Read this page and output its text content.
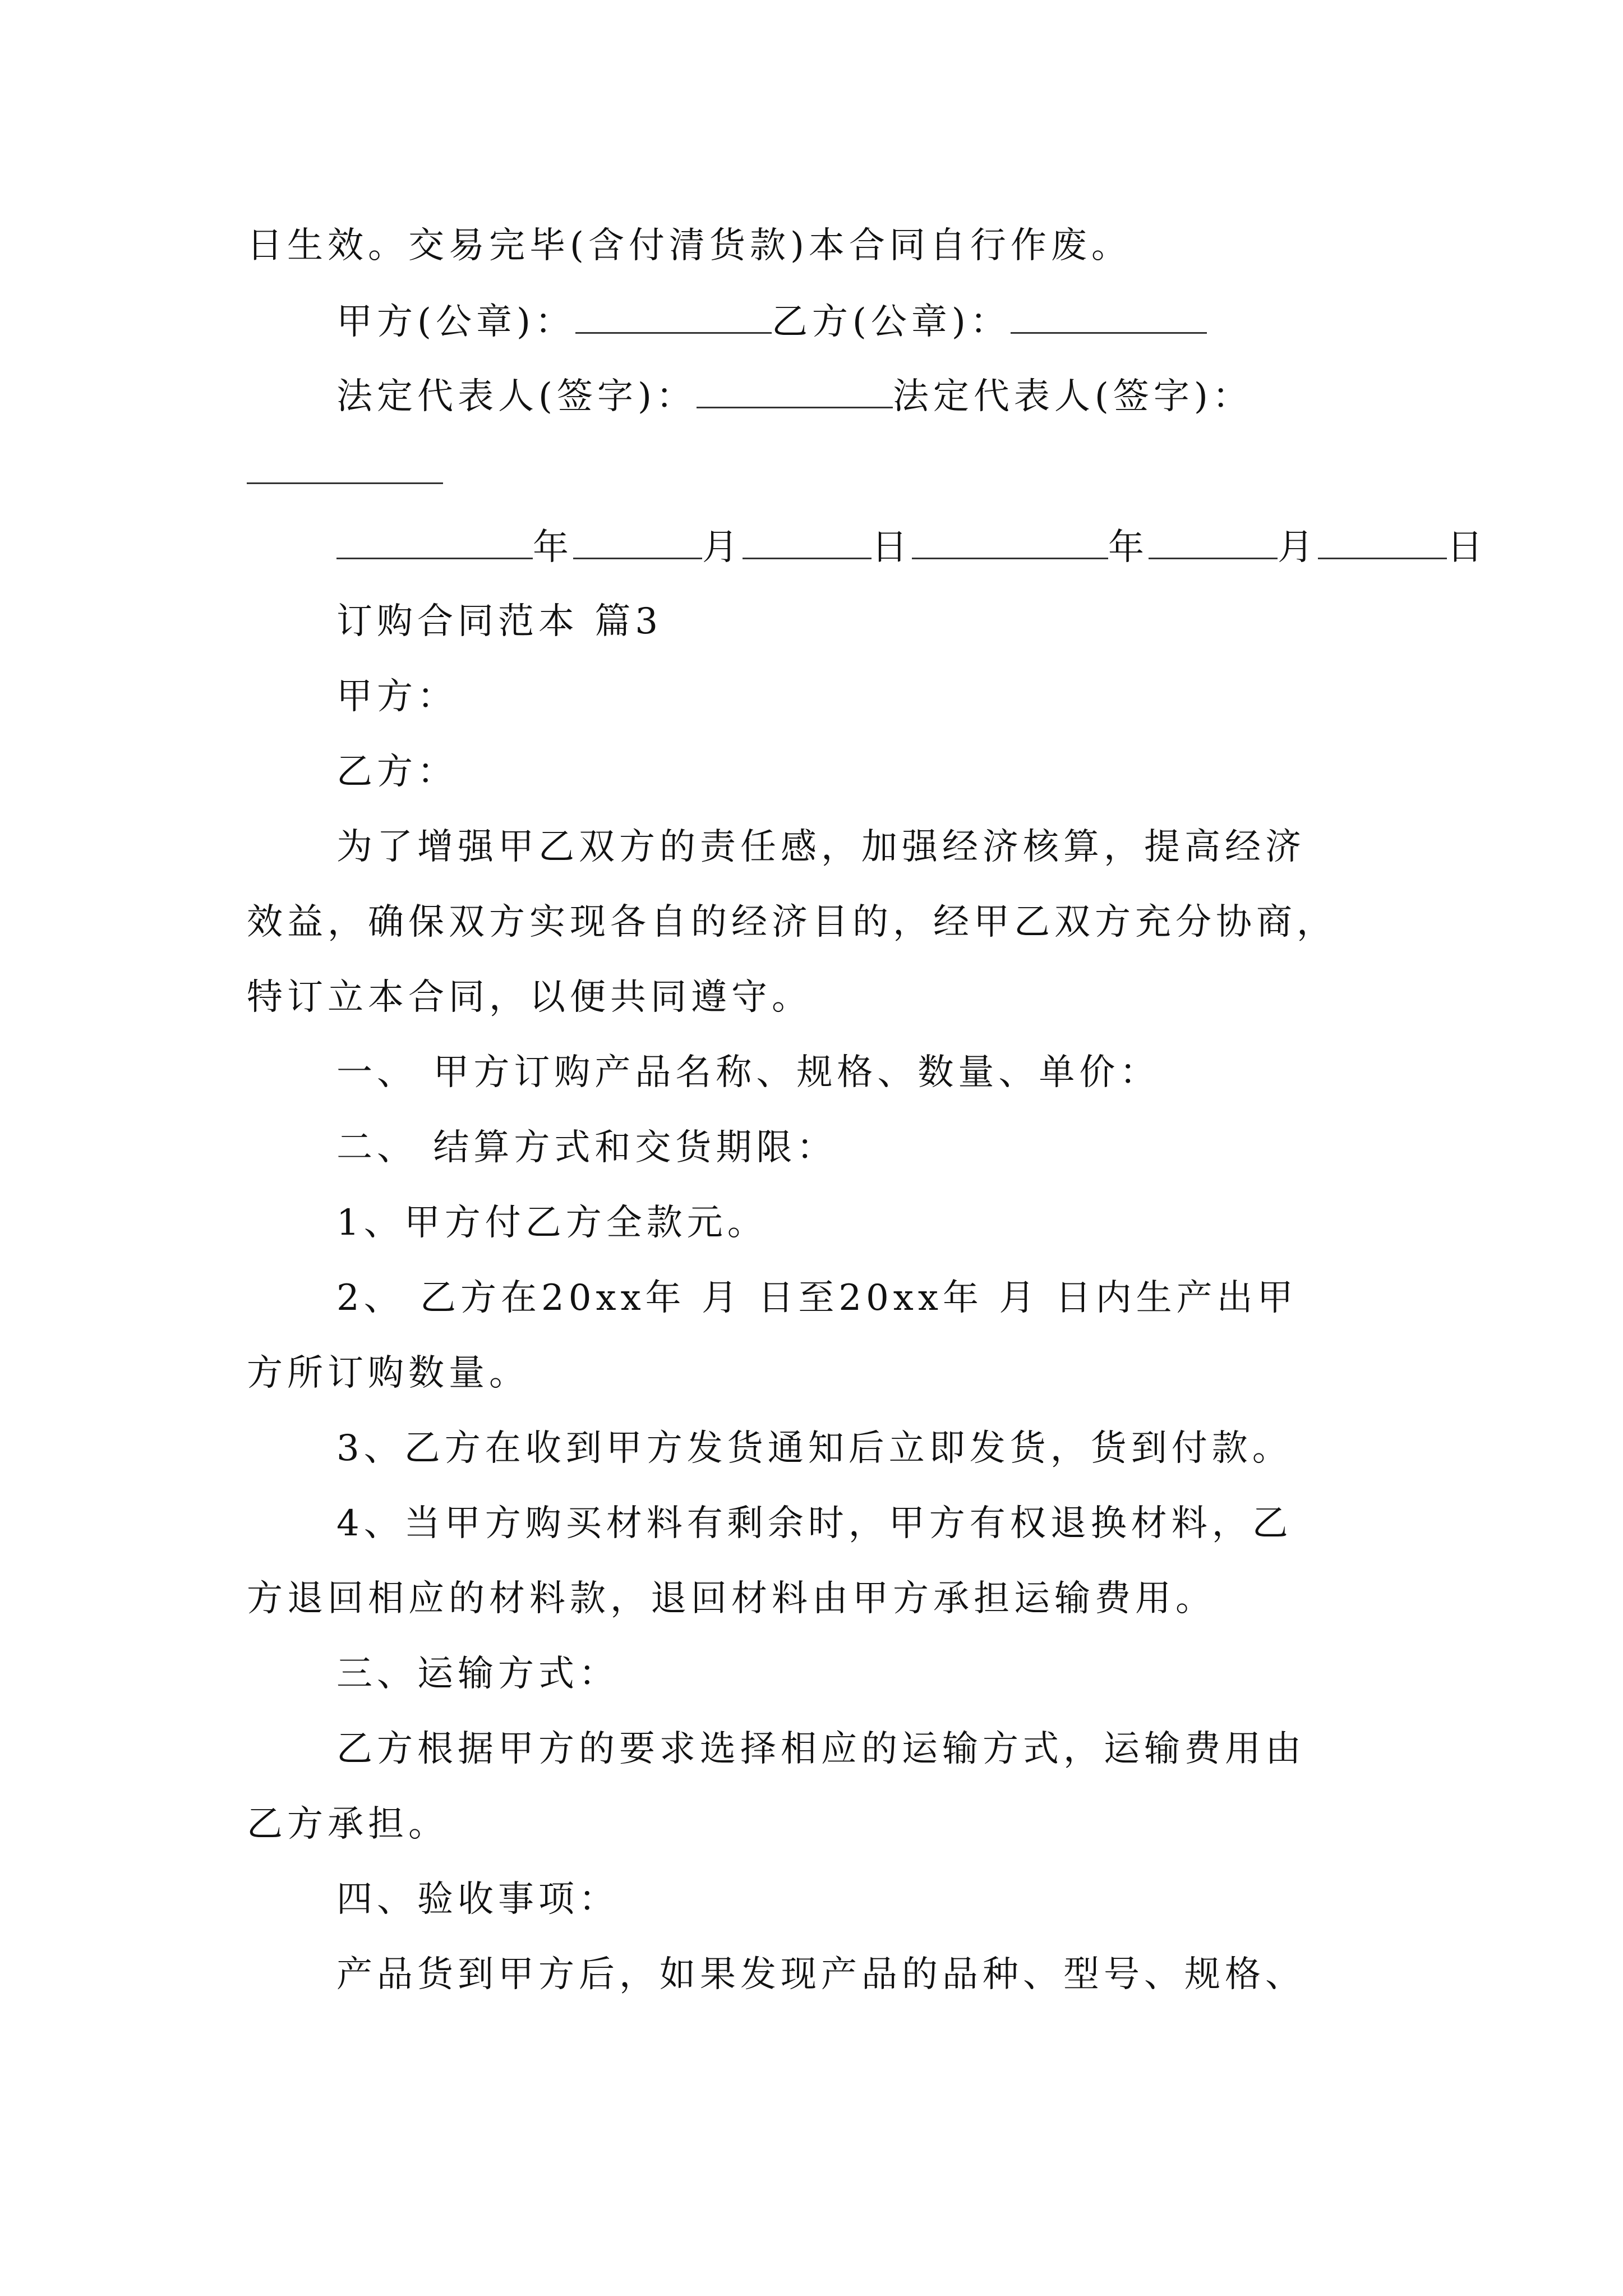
日生效。交易完毕(含付清货款)本合同自行作废。
甲方(公章)：	乙方(公章)：
法定代表人(签字)：	法定代表人(签字)：
年	月	日	年	月	日
订购合同范本 篇3
甲方：
乙方：
为了增强甲乙双方的责任感，加强经济核算，提高经济
效益，确保双方实现各自的经济目的，经甲乙双方充分协商，
特订立本合同，以便共同遵守。
一、 甲方订购产品名称、规格、数量、单价：
二、 结算方式和交货期限：
1、甲方付乙方全款元。
2、 乙方在20xx年 月 日至20xx年 月 日内生产出甲
方所订购数量。
3、乙方在收到甲方发货通知后立即发货，货到付款。
4、当甲方购买材料有剩余时，甲方有权退换材料，乙
方退回相应的材料款，退回材料由甲方承担运输费用。
三、运输方式：
乙方根据甲方的要求选择相应的运输方式，运输费用由
乙方承担。
四、验收事项：
产品货到甲方后，如果发现产品的品种、型号、规格、
